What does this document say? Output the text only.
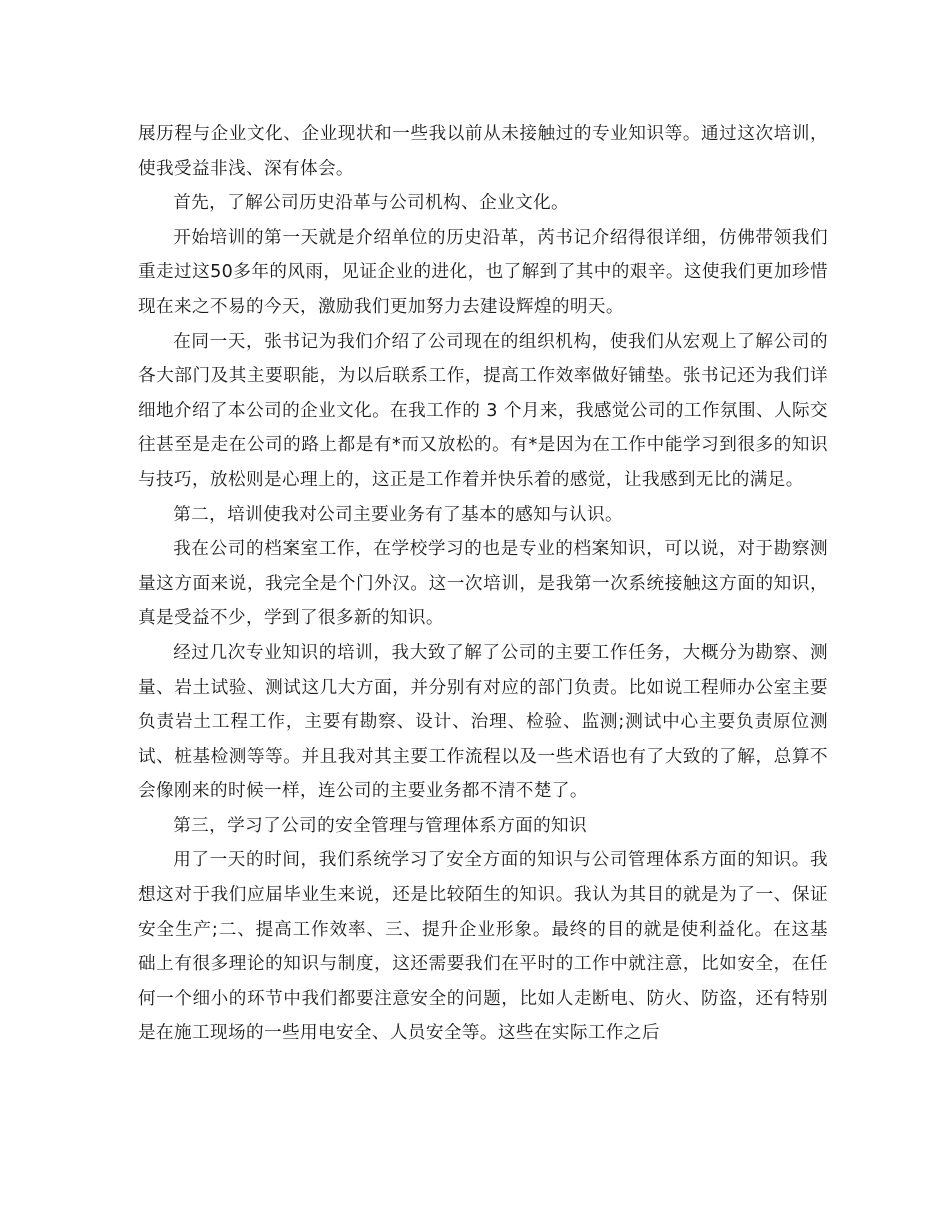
展历程与企业文化、企业现状和一些我以前从未接触过的专业知识等。通过这次培训，使我受益非浅、深有体会。

首先，了解公司历史沿革与公司机构、企业文化。

开始培训的第一天就是介绍单位的历史沿革，芮书记介绍得很详细，仿佛带领我们重走过这50多年的风雨，见证企业的进化，也了解到了其中的艰辛。这使我们更加珍惜现在来之不易的今天，激励我们更加努力去建设辉煌的明天。

在同一天，张书记为我们介绍了公司现在的组织机构，使我们从宏观上了解公司的各大部门及其主要职能，为以后联系工作，提高工作效率做好铺垫。张书记还为我们详细地介绍了本公司的企业文化。在我工作的 3 个月来，我感觉公司的工作氛围、人际交往甚至是走在公司的路上都是有*而又放松的。有*是因为在工作中能学习到很多的知识与技巧，放松则是心理上的，这正是工作着并快乐着的感觉，让我感到无比的满足。

第二，培训使我对公司主要业务有了基本的感知与认识。

我在公司的档案室工作，在学校学习的也是专业的档案知识，可以说，对于勘察测量这方面来说，我完全是个门外汉。这一次培训，是我第一次系统接触这方面的知识，真是受益不少，学到了很多新的知识。

经过几次专业知识的培训，我大致了解了公司的主要工作任务，大概分为勘察、测量、岩土试验、测试这几大方面，并分别有对应的部门负责。比如说工程师办公室主要负责岩土工程工作，主要有勘察、设计、治理、检验、监测;测试中心主要负责原位测试、桩基检测等等。并且我对其主要工作流程以及一些术语也有了大致的了解，总算不会像刚来的时候一样，连公司的主要业务都不清不楚了。

第三，学习了公司的安全管理与管理体系方面的知识

用了一天的时间，我们系统学习了安全方面的知识与公司管理体系方面的知识。我想这对于我们应届毕业生来说，还是比较陌生的知识。我认为其目的就是为了一、保证安全生产;二、提高工作效率、三、提升企业形象。最终的目的就是使利益化。在这基础上有很多理论的知识与制度，这还需要我们在平时的工作中就注意，比如安全，在任何一个细小的环节中我们都要注意安全的问题，比如人走断电、防火、防盗，还有特别是在施工现场的一些用电安全、人员安全等。这些在实际工作之后
